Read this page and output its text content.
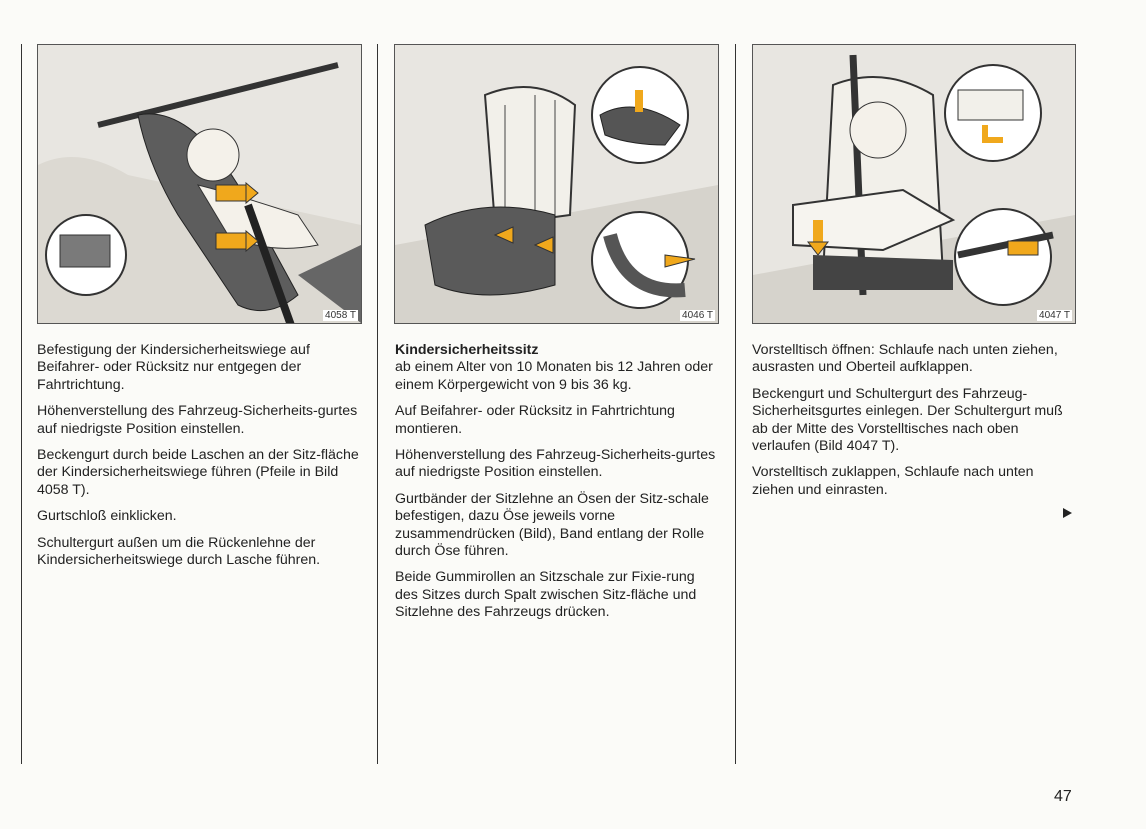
4058 T	4046 T	4047 T

Befestigung der Kindersicherheitswiege auf Beifahrer- oder Rücksitz nur entgegen der Fahrtrichtung.

Höhenverstellung des Fahrzeug-Sicherheits-gurtes auf niedrigste Position einstellen.

Beckengurt durch beide Laschen an der Sitz-fläche der Kindersicherheitswiege führen (Pfeile in Bild 4058 T).

Gurtschloß einklicken.

Schultergurt außen um die Rückenlehne der Kindersicherheitswiege durch Lasche führen.

Kindersicherheitssitz
ab einem Alter von 10 Monaten bis 12 Jahren oder einem Körpergewicht von 9 bis 36 kg.

Auf Beifahrer- oder Rücksitz in Fahrtrichtung montieren.

Höhenverstellung des Fahrzeug-Sicherheits-gurtes auf niedrigste Position einstellen.

Gurtbänder der Sitzlehne an Ösen der Sitz-schale befestigen, dazu Öse jeweils vorne zusammendrücken (Bild), Band entlang der Rolle durch Öse führen.

Beide Gummirollen an Sitzschale zur Fixie-rung des Sitzes durch Spalt zwischen Sitz-fläche und Sitzlehne des Fahrzeugs drücken.

Vorstelltisch öffnen: Schlaufe nach unten ziehen, ausrasten und Oberteil aufklappen.

Beckengurt und Schultergurt des Fahrzeug-Sicherheitsgurtes einlegen. Der Schultergurt muß ab der Mitte des Vorstelltisches nach oben verlaufen (Bild 4047 T).

Vorstelltisch zuklappen, Schlaufe nach unten ziehen und einrasten.

47
